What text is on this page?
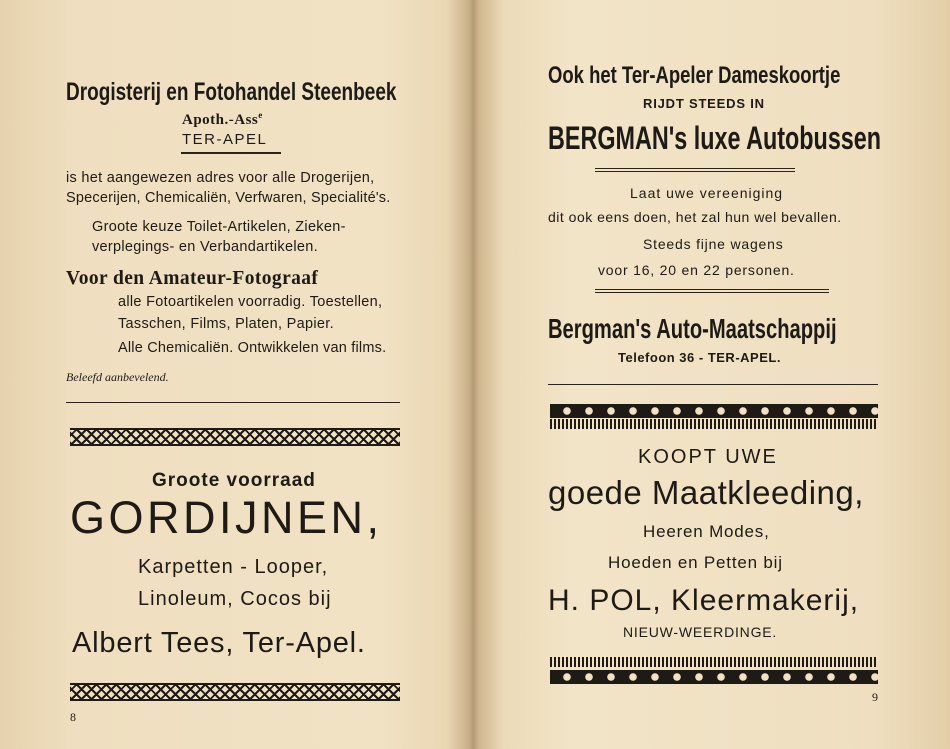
Drogisterij en Fotohandel Steenbeek
Apoth.-Ass$^e$
TER-APEL
is het aangewezen adres voor alle Drogerijen,
Specerijen, Chemicaliën, Verfwaren, Specialité's.
Groote keuze Toilet-Artikelen, Zieken-
verplegings- en Verbandartikelen.
Voor den Amateur-Fotograaf
alle Fotoartikelen voorradig. Toestellen,
Tasschen, Films, Platen, Papier.
Alle Chemicaliën. Ontwikkelen van films.
Beleefd aanbevelend.
Groote voorraad
GORDIJNEN,
Karpetten - Looper,
Linoleum, Cocos bij
Albert Tees, Ter-Apel.
8
Ook het Ter-Apeler Dameskoortje
RIJDT STEEDS IN
BERGMAN's luxe Autobussen
Laat uwe vereeniging
dit ook eens doen, het zal hun wel bevallen.
Steeds fijne wagens
voor 16, 20 en 22 personen.
Bergman's Auto-Maatschappij
Telefoon 36 - TER-APEL.
KOOPT UWE
goede Maatkleeding,
Heeren Modes,
Hoeden en Petten bij
H. POL, Kleermakerij,
NIEUW-WEERDINGE.
9
